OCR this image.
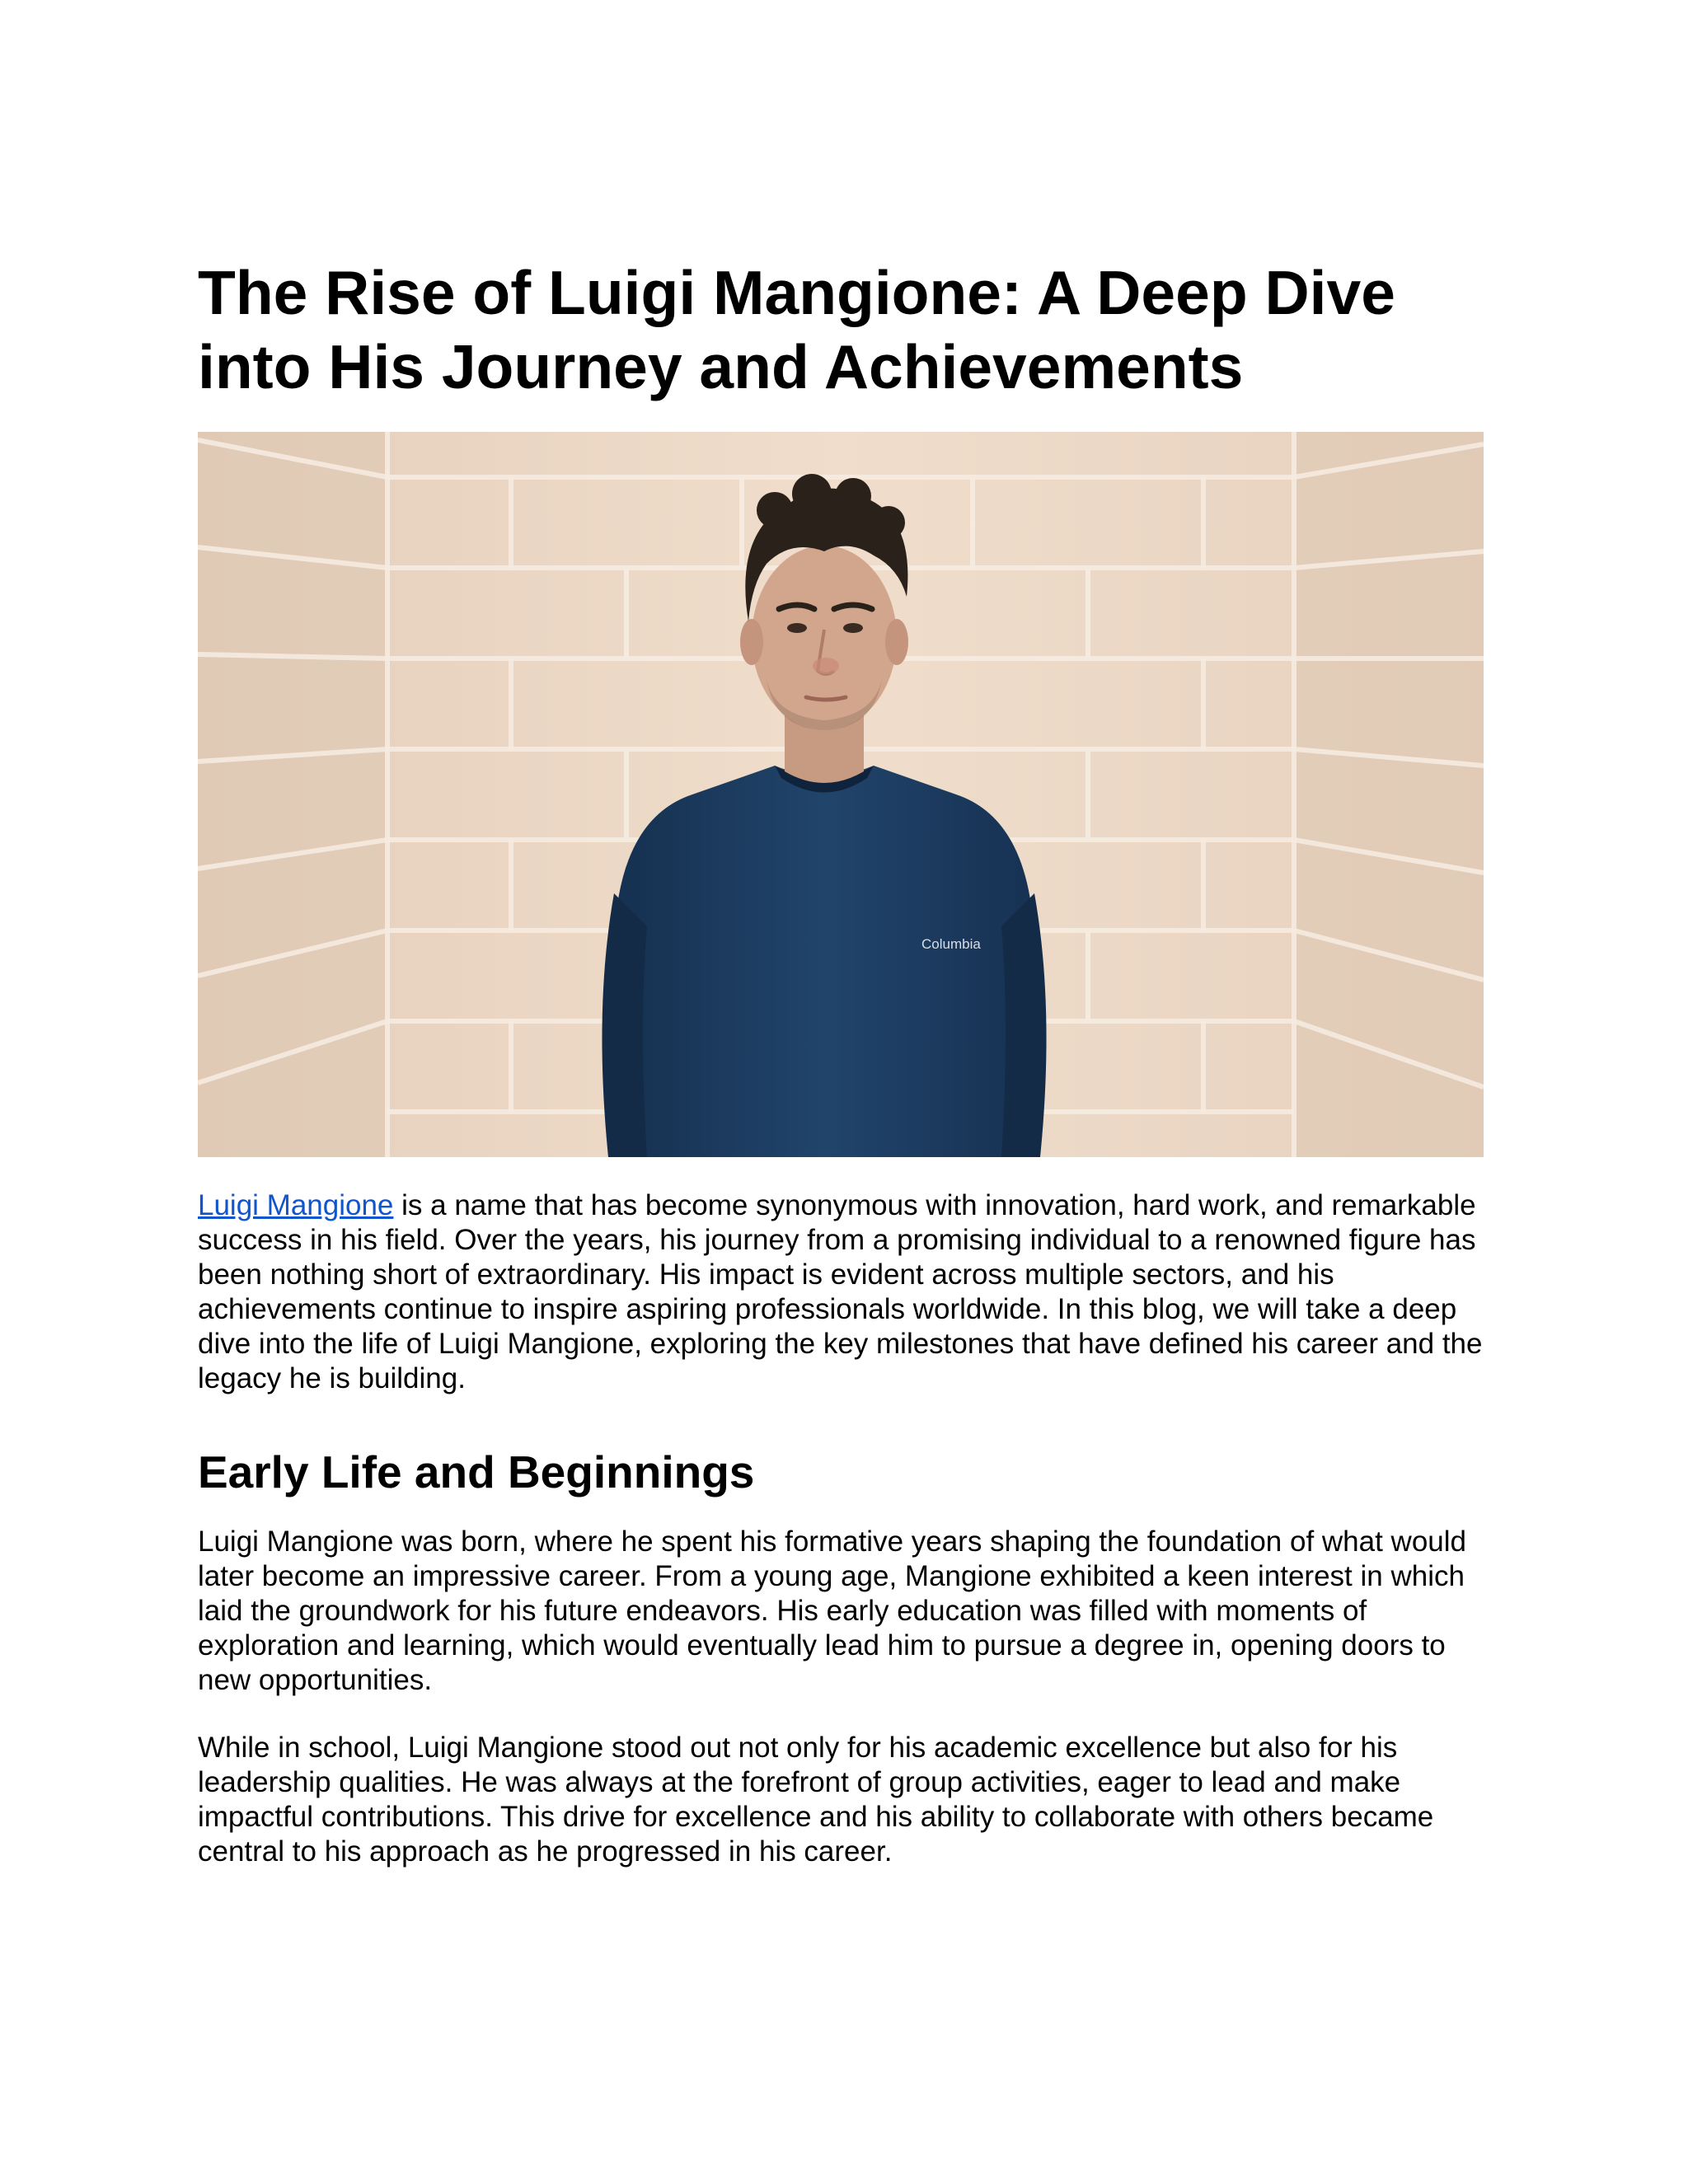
The Rise of Luigi Mangione: A Deep Dive into His Journey and Achievements
Columbia

Luigi Mangione is a name that has become synonymous with innovation, hard work, and remarkable success in his field. Over the years, his journey from a promising individual to a renowned figure has been nothing short of extraordinary. His impact is evident across multiple sectors, and his achievements continue to inspire aspiring professionals worldwide. In this blog, we will take a deep dive into the life of Luigi Mangione, exploring the key milestones that have defined his career and the legacy he is building.

Early Life and Beginnings

Luigi Mangione was born, where he spent his formative years shaping the foundation of what would later become an impressive career. From a young age, Mangione exhibited a keen interest in which laid the groundwork for his future endeavors. His early education was filled with moments of exploration and learning, which would eventually lead him to pursue a degree in, opening doors to new opportunities.

While in school, Luigi Mangione stood out not only for his academic excellence but also for his leadership qualities. He was always at the forefront of group activities, eager to lead and make impactful contributions. This drive for excellence and his ability to collaborate with others became central to his approach as he progressed in his career.
